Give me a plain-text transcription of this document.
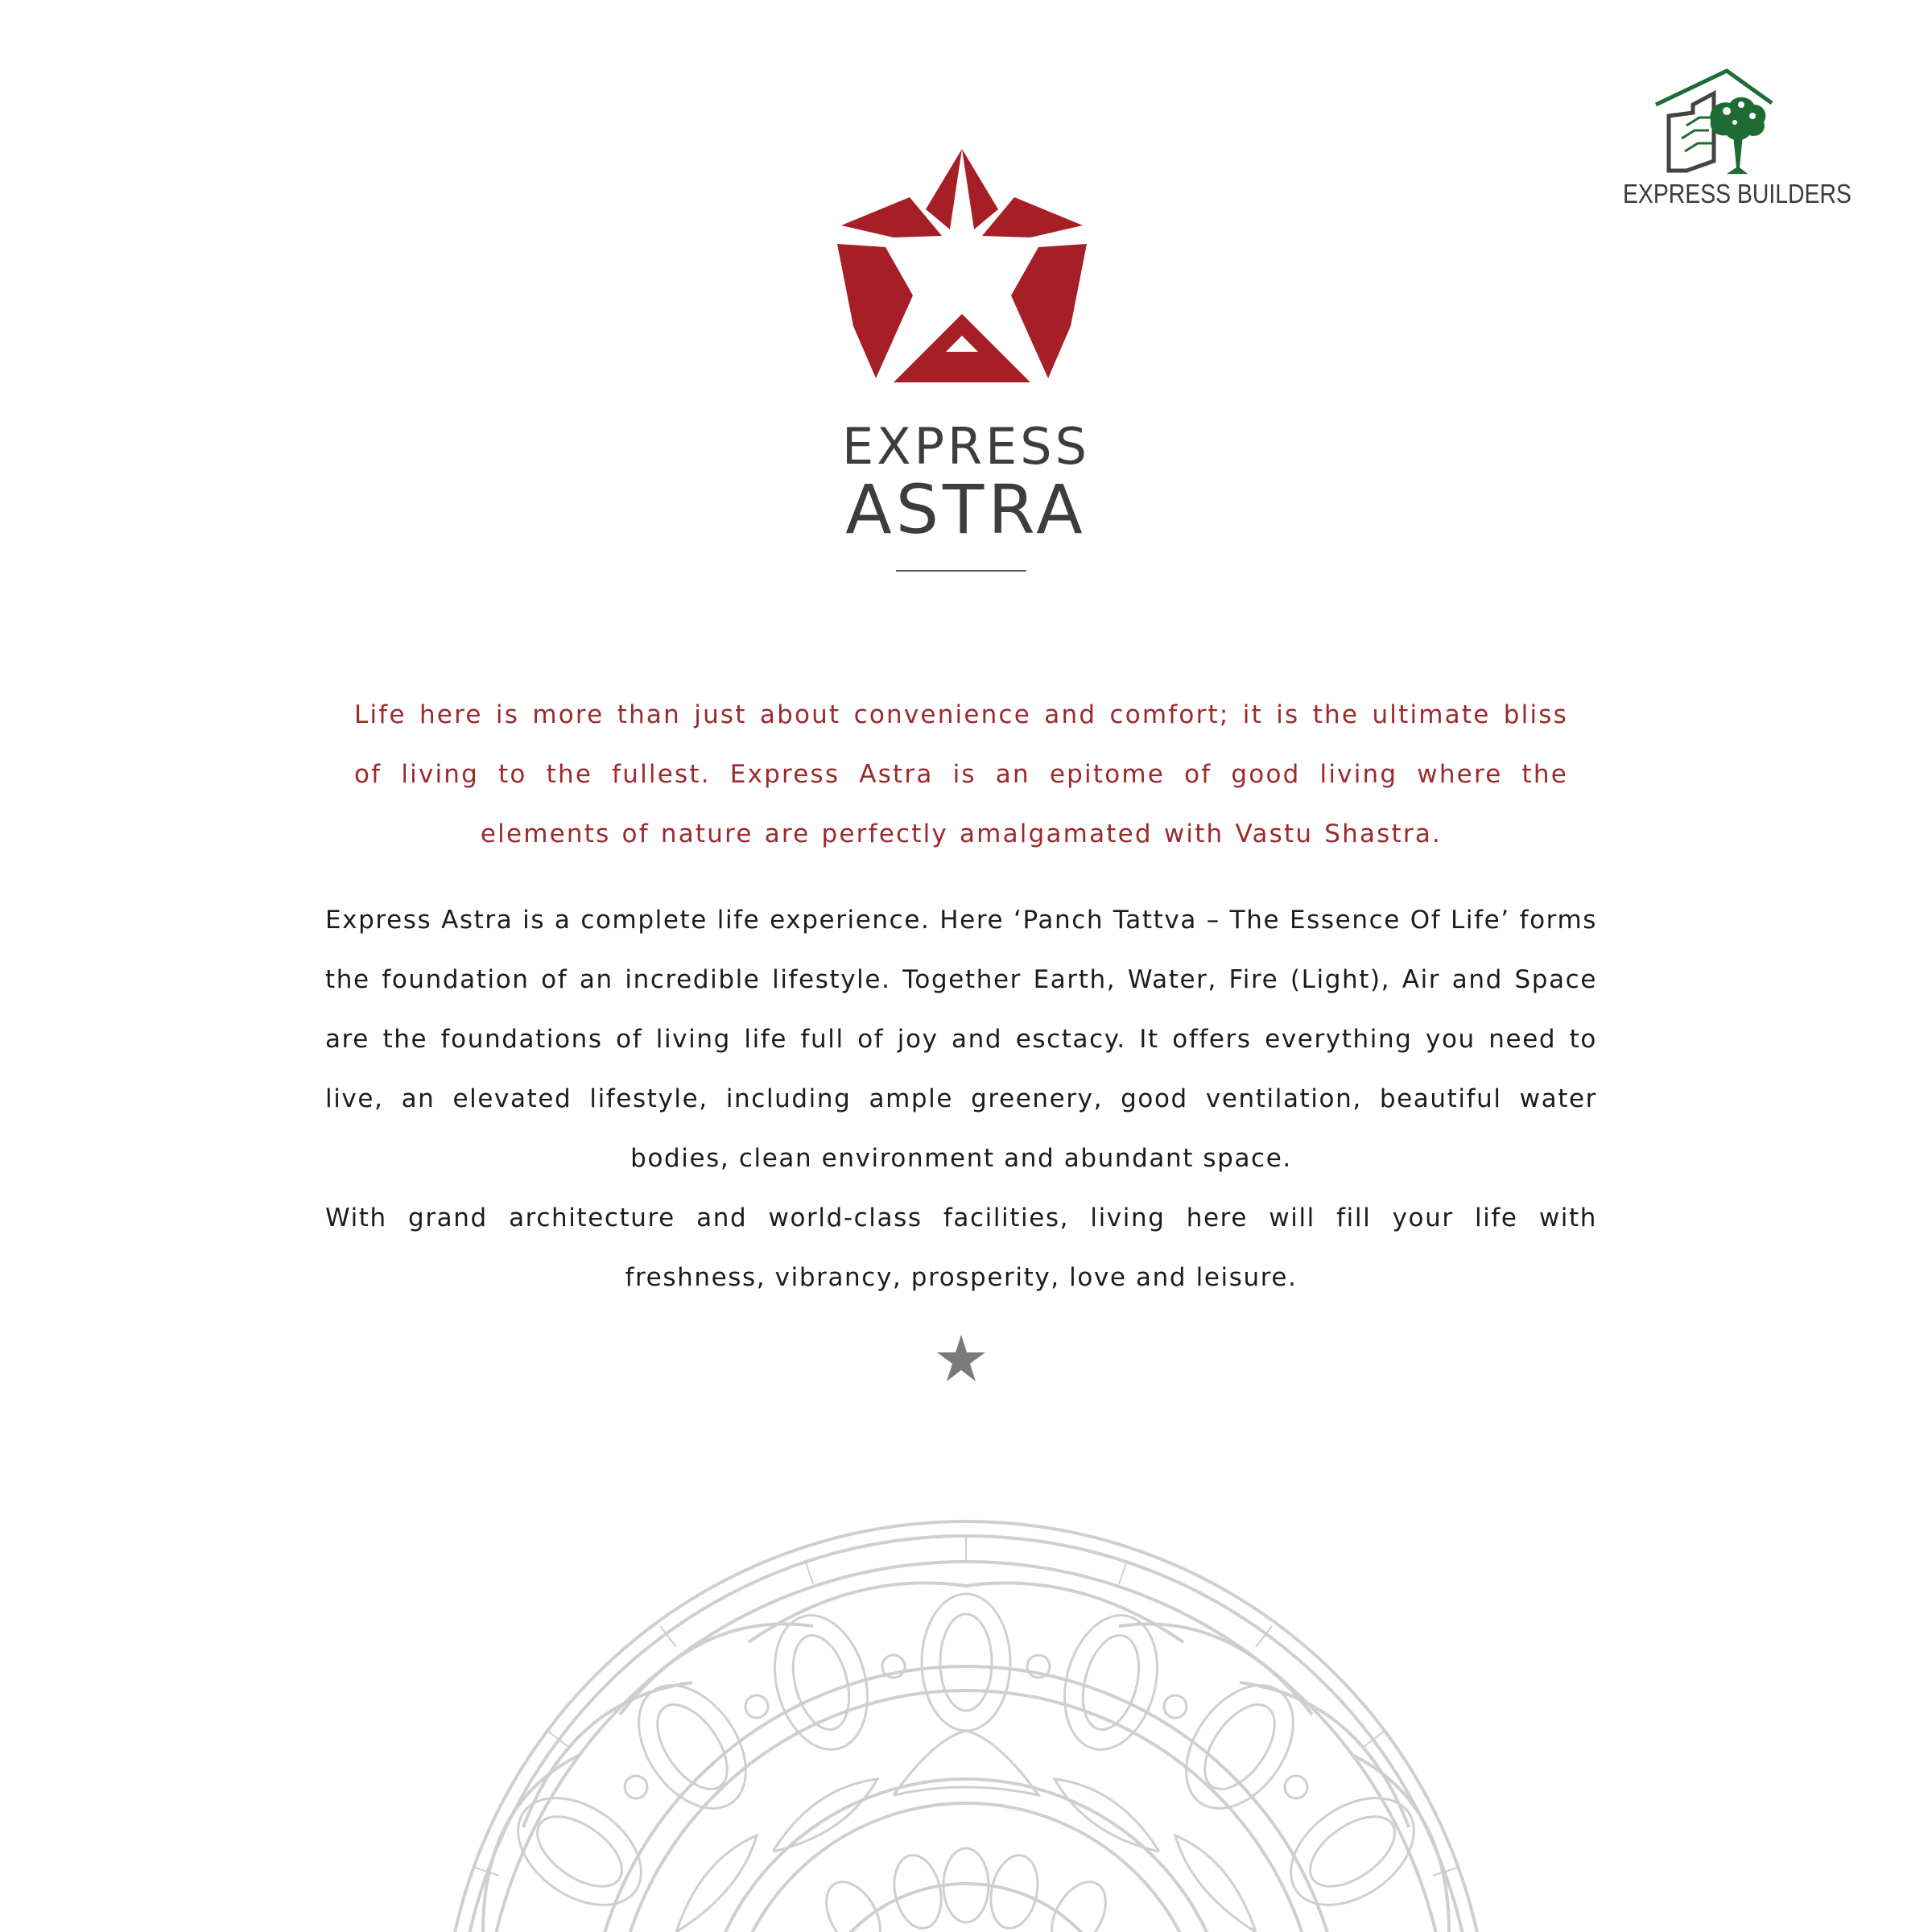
EXPRESS BUILDERS
EXPRESS
ASTRA

Life here is more than just about convenience and comfort; it is the ultimate bliss of living to the fullest. Express Astra is an epitome of good living where the elements of nature are perfectly amalgamated with Vastu Shastra.

Express Astra is a complete life experience. Here ‘Panch Tattva – The Essence Of Life’ forms the foundation of an incredible lifestyle. Together Earth, Water, Fire (Light), Air and Space are the foundations of living life full of joy and esctacy. It offers everything you need to live, an elevated lifestyle, including ample greenery, good ventilation, beautiful water bodies, clean environment and abundant space.

With grand architecture and world-class facilities, living here will fill your life with freshness, vibrancy, prosperity, love and leisure.
